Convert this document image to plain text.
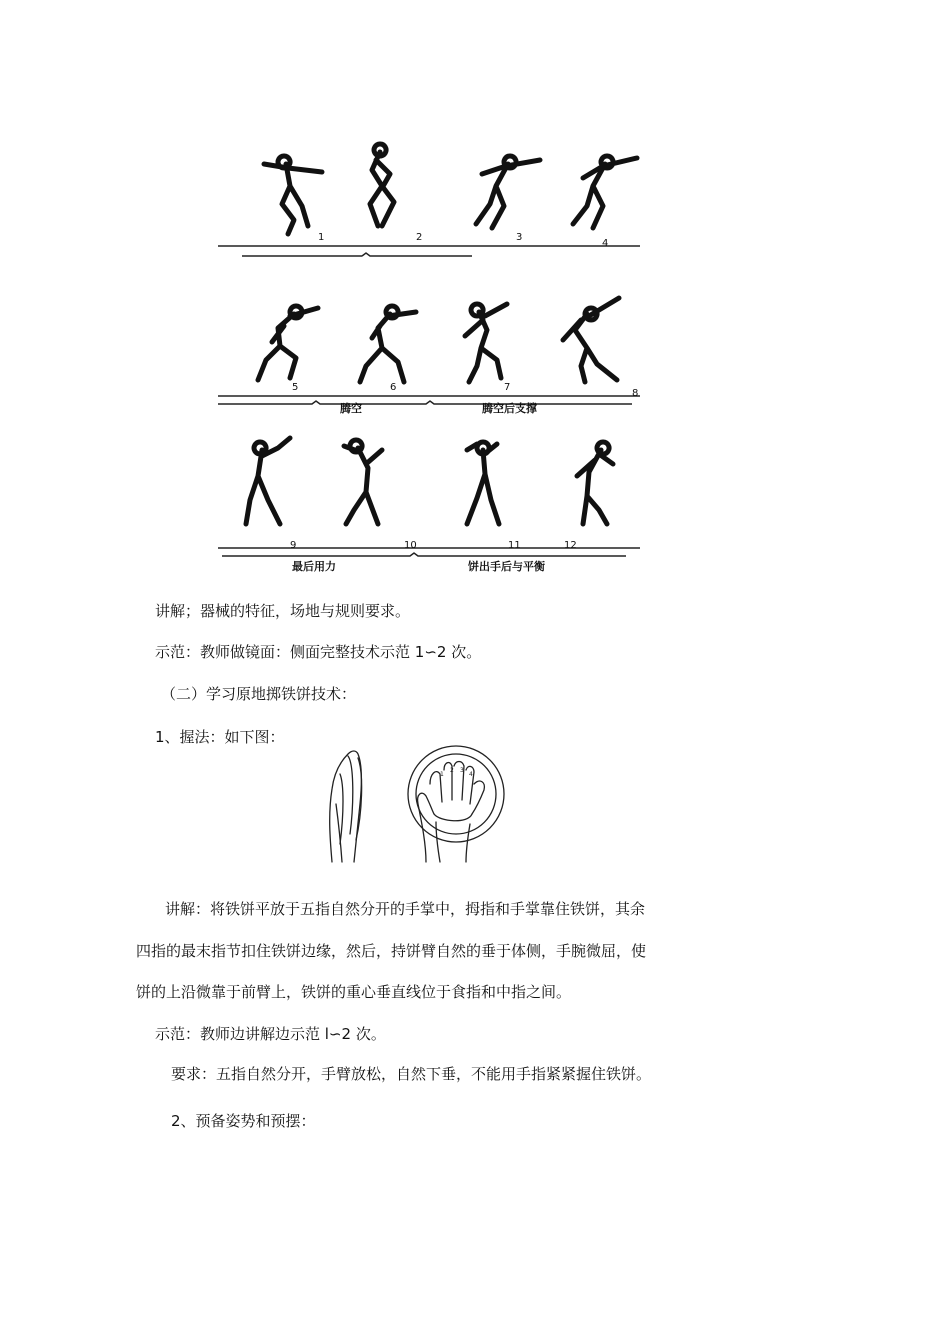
1	2	3
4
5	6	7
8
9	10	11	12
腾空	腾空后支撑
最后用力	饼出手后与平衡

讲解；器械的特征，场地与规则要求。

示范：教师做镜面：侧面完整技术示范 1∽2 次。

（二）学习原地掷铁饼技术：

1、握法：如下图：

1
2 3
4

讲解：将铁饼平放于五指自然分开的手掌中，拇指和手掌靠住铁饼，其余

四指的最末指节扣住铁饼边缘，然后，持饼臂自然的垂于体侧，手腕微屈，使

饼的上沿微靠于前臂上，铁饼的重心垂直线位于食指和中指之间。

示范：教师边讲解边示范 l∽2 次。

要求：五指自然分开，手臂放松，自然下垂，不能用手指紧紧握住铁饼。

2、预备姿势和预摆：
